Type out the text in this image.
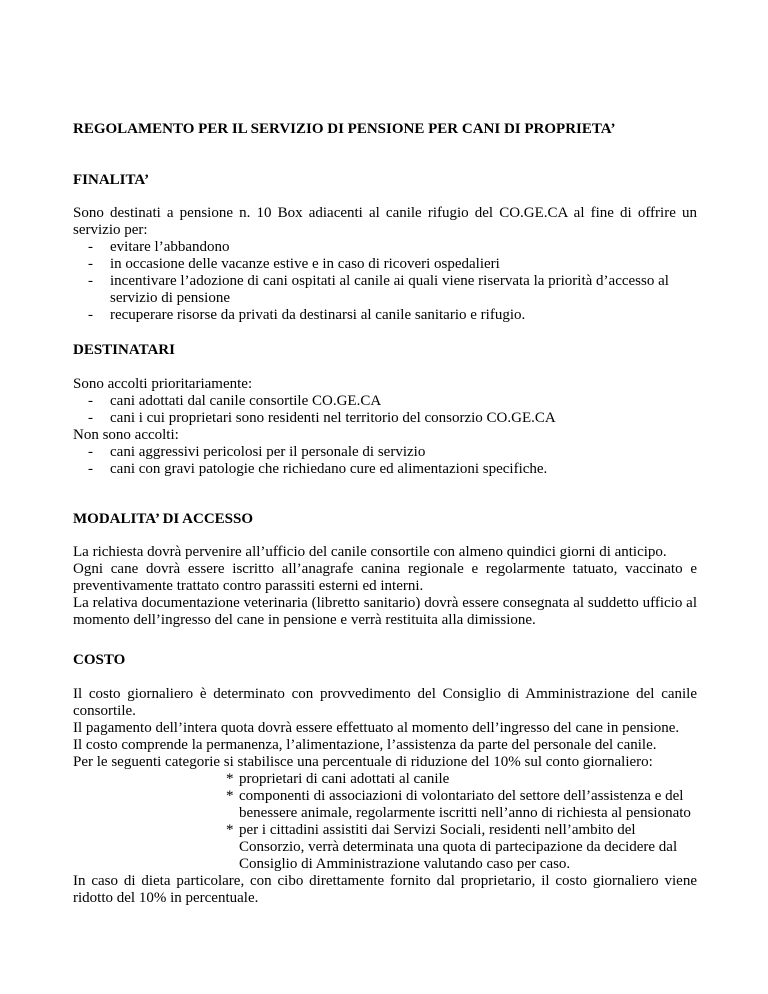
REGOLAMENTO PER IL SERVIZIO DI PENSIONE PER CANI DI PROPRIETA’

FINALITA’

Sono destinati a pensione n. 10 Box adiacenti al canile rifugio del CO.GE.CA al fine di offrire un servizio per:

- evitare l’abbandono
- in occasione delle vacanze estive e in caso di ricoveri ospedalieri
- incentivare l’adozione di cani ospitati al canile ai quali viene riservata la priorità d’accesso al servizio di pensione
- recuperare risorse da privati da destinarsi al canile sanitario e rifugio.

DESTINATARI

Sono accolti prioritariamente:

- cani adottati dal canile consortile CO.GE.CA
- cani i cui proprietari sono residenti nel territorio del consorzio CO.GE.CA

Non sono accolti:

- cani aggressivi pericolosi per il personale di servizio
- cani con gravi patologie che richiedano cure ed alimentazioni specifiche.

MODALITA’ DI ACCESSO

La richiesta dovrà pervenire all’ufficio del canile consortile con almeno quindici giorni di anticipo.

Ogni cane dovrà essere iscritto all’anagrafe canina regionale e regolarmente tatuato, vaccinato e preventivamente trattato contro parassiti esterni ed interni.

La relativa documentazione veterinaria (libretto sanitario) dovrà essere consegnata al suddetto ufficio al momento dell’ingresso del cane in pensione e verrà restituita alla dimissione.

COSTO

Il costo giornaliero è determinato con provvedimento del Consiglio di Amministrazione del canile consortile.

Il pagamento dell’intera quota dovrà essere effettuato al momento dell’ingresso del cane in pensione.

Il costo comprende la permanenza, l’alimentazione, l’assistenza da parte del personale del canile.

Per le seguenti categorie si stabilisce una percentuale di riduzione del 10% sul conto giornaliero:

* proprietari di cani adottati al canile
* componenti di associazioni di volontariato del settore dell’assistenza e del benessere animale, regolarmente iscritti nell’anno di richiesta al pensionato
* per i cittadini assistiti dai Servizi Sociali, residenti nell’ambito del Consorzio, verrà determinata una quota di partecipazione da decidere dal Consiglio di Amministrazione valutando caso per caso.

In caso di dieta particolare, con cibo direttamente fornito dal proprietario, il costo giornaliero viene ridotto del 10% in percentuale.
